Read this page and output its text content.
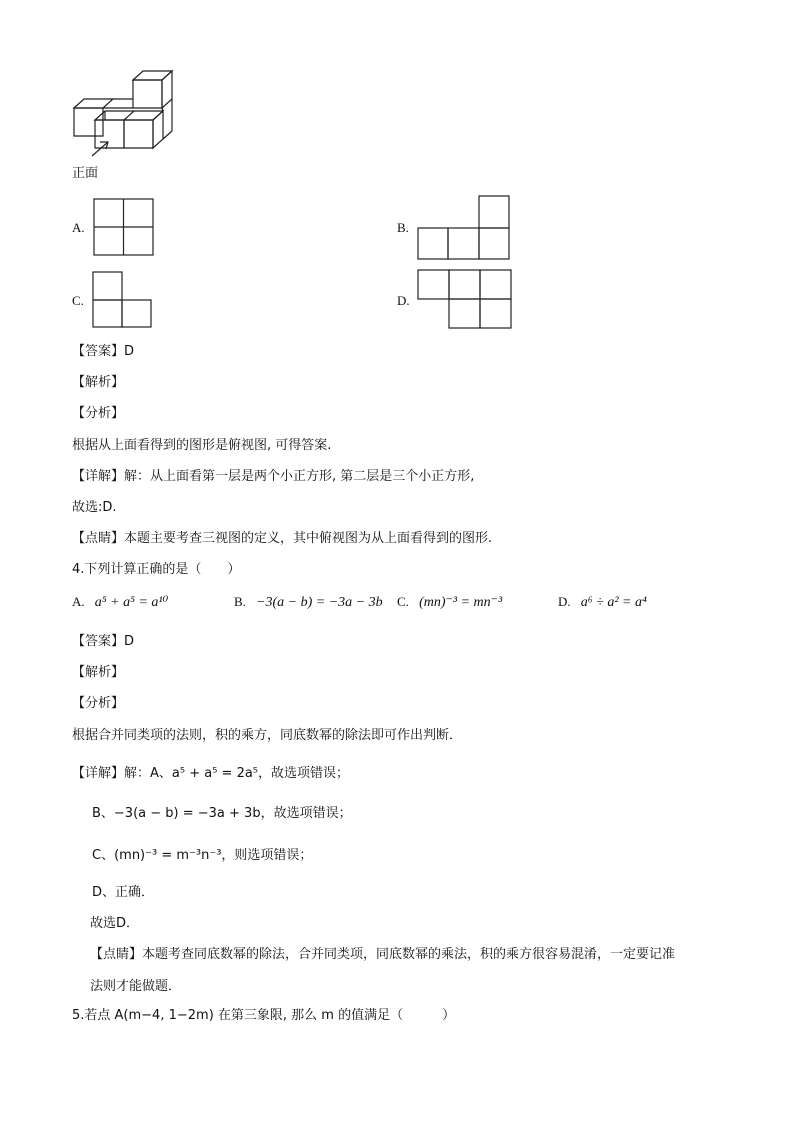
正面
A.	B.
C.	D.
【答案】D
【解析】
【分析】
根据从上面看得到的图形是俯视图, 可得答案.
【详解】解：从上面看第一层是两个小正方形, 第二层是三个小正方形,
故选:D.
【点睛】本题主要考查三视图的定义，其中俯视图为从上面看得到的图形.
4.下列计算正确的是（　　）
A. a⁵ + a⁵ = a¹⁰	B. −3(a − b) = −3a − 3b C. (mn)⁻³ = mn⁻³	D. a⁶ ÷ a² = a⁴
【答案】D
【解析】
【分析】
根据合并同类项的法则，积的乘方，同底数幂的除法即可作出判断．
【详解】解：A、a⁵ + a⁵ = 2a⁵，故选项错误；
B、−3(a − b) = −3a + 3b，故选项错误；
C、(mn)⁻³ = m⁻³n⁻³，则选项错误；
D、正确．
故选D．
【点睛】本题考查同底数幂的除法，合并同类项，同底数幂的乘法，积的乘方很容易混淆，一定要记准
法则才能做题．
5.若点 A(m−4, 1−2m) 在第三象限, 那么 m 的值满足（　　　）
